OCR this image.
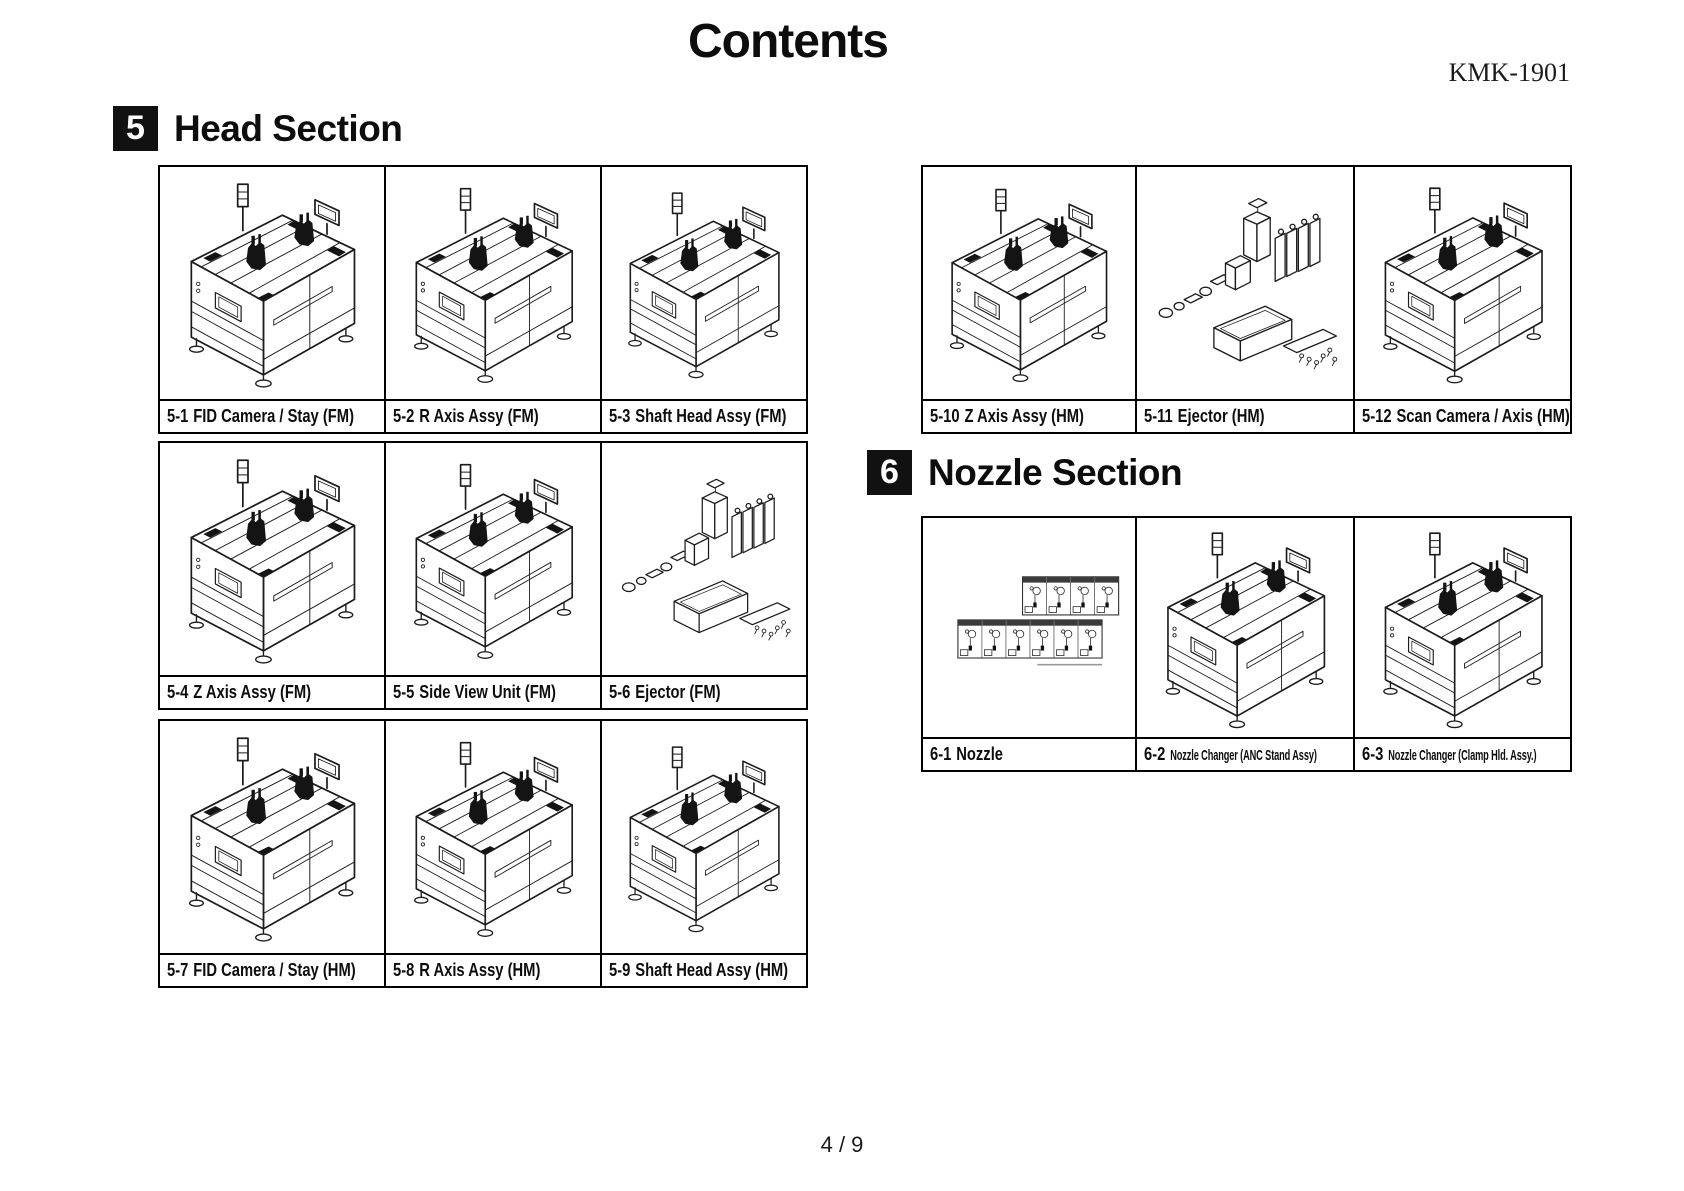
Contents
KMK-1901
5 Head Section
5-1 FID Camera / Stay (FM) 5-2 R Axis Assy (FM)	5-3 Shaft Head Assy (FM)
5-4 Z Axis Assy (FM)	5-5 Side View Unit (FM)	5-6 Ejector (FM)
5-7 FID Camera / Stay (HM) 5-8 R Axis Assy (HM)	5-9 Shaft Head Assy (HM)
5-10 Z Axis Assy (HM)	5-11 Ejector (HM)	5-12 Scan Camera / Axis (HM)
6 Nozzle Section
6-1 Nozzle	6-2 Nozzle Changer (ANC Stand Assy)	6-3 Nozzle Changer (Clamp Hld. Assy.)
4 / 9
